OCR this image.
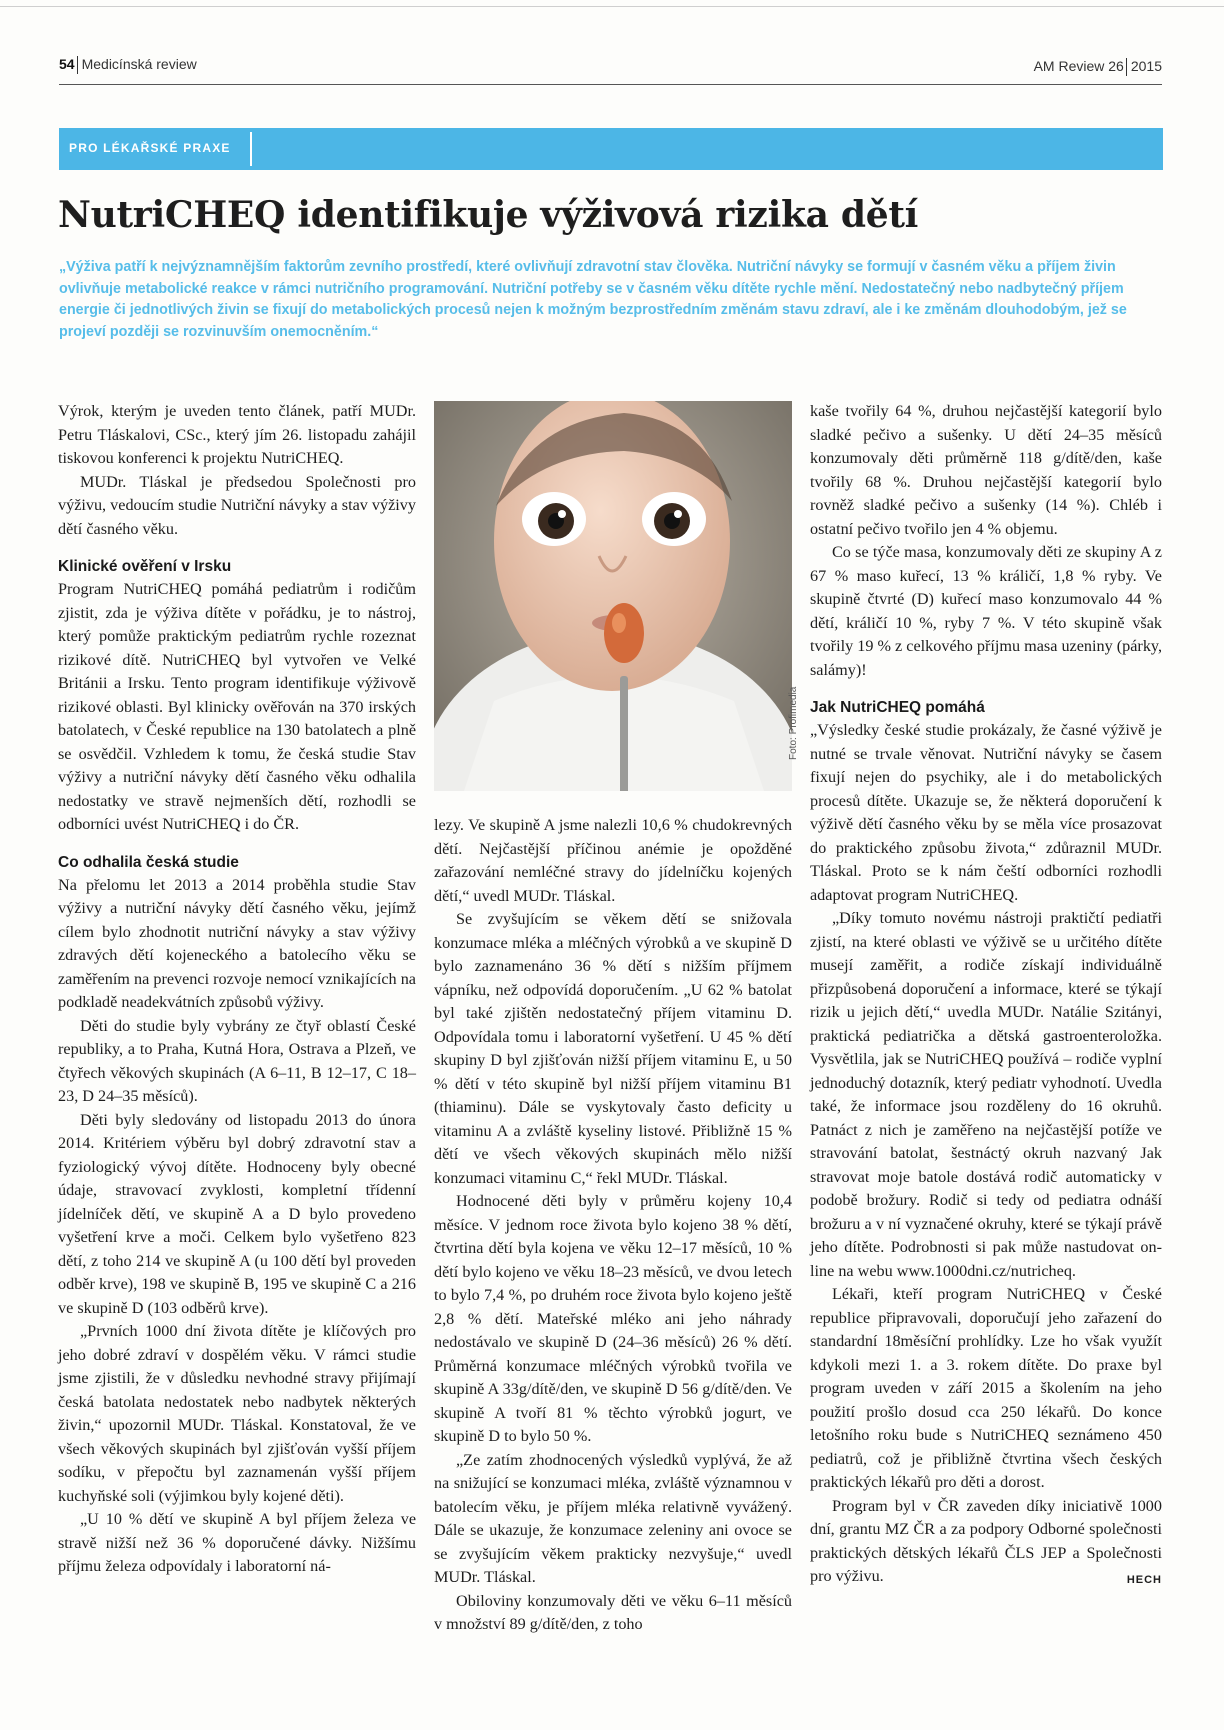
54 Medicínská review	AM Review 26 2015
PRO LÉKAŘSKÉ PRAXE
NutriCHEQ identifikuje výživová rizika dětí

„Výživa patří k nejvýznamnějším faktorům zevního prostředí, které ovlivňují zdravotní stav člověka. Nutriční návyky se formují v časném věku a příjem živin ovlivňuje metabolické reakce v rámci nutričního programování. Nutriční potřeby se v časném věku dítěte rychle mění. Nedostatečný nebo nadbytečný příjem energie či jednotlivých živin se fixují do metabolických procesů nejen k možným bezprostředním změnám stavu zdraví, ale i ke změnám dlouhodobým, jež se projeví později se rozvinuvším onemocněním.“

Výrok, kterým je uveden tento článek, patří MUDr. Petru Tláskalovi, CSc., který jím 26. listopadu zahájil tiskovou konferenci k projektu NutriCHEQ.

MUDr. Tláskal je předsedou Společnosti pro výživu, vedoucím studie Nutriční návyky a stav výživy dětí časného věku.

Klinické ověření v Irsku

Program NutriCHEQ pomáhá pediatrům i rodičům zjistit, zda je výživa dítěte v pořádku, je to nástroj, který pomůže praktickým pediatrům rychle rozeznat rizikové dítě. NutriCHEQ byl vytvořen ve Velké Británii a Irsku. Tento program identifikuje výživově rizikové oblasti. Byl klinicky ověřován na 370 irských batolatech, v České republice na 130 batolatech a plně se osvědčil. Vzhledem k tomu, že česká studie Stav výživy a nutriční návyky dětí časného věku odhalila nedostatky ve stravě nejmenších dětí, rozhodli se odborníci uvést NutriCHEQ i do ČR.

Co odhalila česká studie

Na přelomu let 2013 a 2014 proběhla studie Stav výživy a nutriční návyky dětí časného věku, jejímž cílem bylo zhodnotit nutriční návyky a stav výživy zdravých dětí kojeneckého a batolecího věku se zaměřením na prevenci rozvoje nemocí vznikajících na podkladě neadekvátních způsobů výživy.

Děti do studie byly vybrány ze čtyř oblastí České republiky, a to Praha, Kutná Hora, Ostrava a Plzeň, ve čtyřech věkových skupinách (A 6–11, B 12–17, C 18–23, D 24–35 měsíců).

Děti byly sledovány od listopadu 2013 do února 2014. Kritériem výběru byl dobrý zdravotní stav a fyziologický vývoj dítěte. Hodnoceny byly obecné údaje, stravovací zvyklosti, kompletní třídenní jídelníček dětí, ve skupině A a D bylo provedeno vyšetření krve a moči. Celkem bylo vyšetřeno 823 dětí, z toho 214 ve skupině A (u 100 dětí byl proveden odběr krve), 198 ve skupině B, 195 ve skupině C a 216 ve skupině D (103 odběrů krve).

„Prvních 1000 dní života dítěte je klíčových pro jeho dobré zdraví v dospělém věku. V rámci studie jsme zjistili, že v důsledku nevhodné stravy přijímají česká batolata nedostatek nebo nadbytek některých živin,“ upozornil MUDr. Tláskal. Konstatoval, že ve všech věkových skupinách byl zjišťován vyšší příjem sodíku, v přepočtu byl zaznamenán vyšší příjem kuchyňské soli (výjimkou byly kojené děti).

„U 10 % dětí ve skupině A byl příjem železa ve stravě nižší než 36 % doporučené dávky. Nižšímu příjmu železa odpovídaly i laboratorní ná-

Foto: Profimedia

lezy. Ve skupině A jsme nalezli 10,6 % chudokrevných dětí. Nejčastější příčinou anémie je opožděné zařazování nemléčné stravy do jídelníčku kojených dětí,“ uvedl MUDr. Tláskal.

Se zvyšujícím se věkem dětí se snižovala konzumace mléka a mléčných výrobků a ve skupině D bylo zaznamenáno 36 % dětí s nižším příjmem vápníku, než odpovídá doporučením. „U 62 % batolat byl také zjištěn nedostatečný příjem vitaminu D. Odpovídala tomu i laboratorní vyšetření. U 45 % dětí skupiny D byl zjišťován nižší příjem vitaminu E, u 50 % dětí v této skupině byl nižší příjem vitaminu B1 (thiaminu). Dále se vyskytovaly často deficity u vitaminu A a zvláště kyseliny listové. Přibližně 15 % dětí ve všech věkových skupinách mělo nižší konzumaci vitaminu C,“ řekl MUDr. Tláskal.

Hodnocené děti byly v průměru kojeny 10,4 měsíce. V jednom roce života bylo kojeno 38 % dětí, čtvrtina dětí byla kojena ve věku 12–17 měsíců, 10 % dětí bylo kojeno ve věku 18–23 měsíců, ve dvou letech to bylo 7,4 %, po druhém roce života bylo kojeno ještě 2,8 % dětí. Mateřské mléko ani jeho náhrady nedostávalo ve skupině D (24–36 měsíců) 26 % dětí. Průměrná konzumace mléčných výrobků tvořila ve skupině A 33g/dítě/den, ve skupině D 56 g/dítě/den. Ve skupině A tvoří 81 % těchto výrobků jogurt, ve skupině D to bylo 50 %.

„Ze zatím zhodnocených výsledků vyplývá, že až na snižující se konzumaci mléka, zvláště významnou v batolecím věku, je příjem mléka relativně vyvážený. Dále se ukazuje, že konzumace zeleniny ani ovoce se se zvyšujícím věkem prakticky nezvyšuje,“ uvedl MUDr. Tláskal.

Obiloviny konzumovaly děti ve věku 6–11 měsíců v množství 89 g/dítě/den, z toho

kaše tvořily 64 %, druhou nejčastější kategorií bylo sladké pečivo a sušenky. U dětí 24–35 měsíců konzumovaly děti průměrně 118 g/dítě/den, kaše tvořily 68 %. Druhou nejčastější kategorií bylo rovněž sladké pečivo a sušenky (14 %). Chléb i ostatní pečivo tvořilo jen 4 % objemu.

Co se týče masa, konzumovaly děti ze skupiny A z 67 % maso kuřecí, 13 % králičí, 1,8 % ryby. Ve skupině čtvrté (D) kuřecí maso konzumovalo 44 % dětí, králičí 10 %, ryby 7 %. V této skupině však tvořily 19 % z celkového příjmu masa uzeniny (párky, salámy)!

Jak NutriCHEQ pomáhá

„Výsledky české studie prokázaly, že časné výživě je nutné se trvale věnovat. Nutriční návyky se časem fixují nejen do psychiky, ale i do metabolických procesů dítěte. Ukazuje se, že některá doporučení k výživě dětí časného věku by se měla více prosazovat do praktického způsobu života,“ zdůraznil MUDr. Tláskal. Proto se k nám čeští odborníci rozhodli adaptovat program NutriCHEQ.

„Díky tomuto novému nástroji praktičtí pediatři zjistí, na které oblasti ve výživě se u určitého dítěte musejí zaměřit, a rodiče získají individuálně přizpůsobená doporučení a informace, které se týkají rizik u jejich dětí,“ uvedla MUDr. Natálie Szitányi, praktická pediatrička a dětská gastroenteroložka. Vysvětlila, jak se NutriCHEQ používá – rodiče vyplní jednoduchý dotazník, který pediatr vyhodnotí. Uvedla také, že informace jsou rozděleny do 16 okruhů. Patnáct z nich je zaměřeno na nejčastější potíže ve stravování batolat, šestnáctý okruh nazvaný Jak stravovat moje batole dostává rodič automaticky v podobě brožury. Rodič si tedy od pediatra odnáší brožuru a v ní vyznačené okruhy, které se týkají právě jeho dítěte. Podrobnosti si pak může nastudovat on-line na webu www.1000dni.cz/nutricheq.

Lékaři, kteří program NutriCHEQ v České republice připravovali, doporučují jeho zařazení do standardní 18měsíční prohlídky. Lze ho však využít kdykoli mezi 1. a 3. rokem dítěte. Do praxe byl program uveden v září 2015 a školením na jeho použití prošlo dosud cca 250 lékařů. Do konce letošního roku bude s NutriCHEQ seznámeno 450 pediatrů, což je přibližně čtvrtina všech českých praktických lékařů pro děti a dorost.

Program byl v ČR zaveden díky iniciativě 1000 dní, grantu MZ ČR a za podpory Odborné společnosti praktických dětských lékařů ČLS JEP a Společnosti pro výživu.	HECH
